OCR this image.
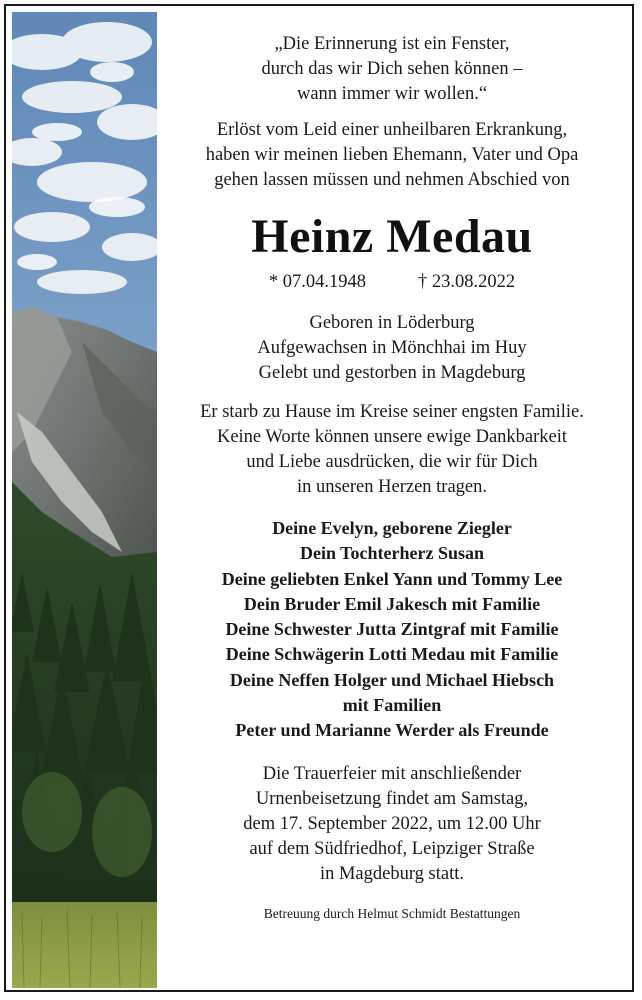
„Die Erinnerung ist ein Fenster,
durch das wir Dich sehen können –
wann immer wir wollen.“
Erlöst vom Leid einer unheilbaren Erkrankung,
haben wir meinen lieben Ehemann, Vater und Opa
gehen lassen müssen und nehmen Abschied von
Heinz Medau
* 07.04.1948	† 23.08.2022
Geboren in Löderburg
Aufgewachsen in Mönchhai im Huy
Gelebt und gestorben in Magdeburg
Er starb zu Hause im Kreise seiner engsten Familie.
Keine Worte können unsere ewige Dankbarkeit
und Liebe ausdrücken, die wir für Dich
in unseren Herzen tragen.
Deine Evelyn, geborene Ziegler
Dein Tochterherz Susan
Deine geliebten Enkel Yann und Tommy Lee
Dein Bruder Emil Jakesch mit Familie
Deine Schwester Jutta Zintgraf mit Familie
Deine Schwägerin Lotti Medau mit Familie
Deine Neffen Holger und Michael Hiebsch
mit Familien
Peter und Marianne Werder als Freunde
Die Trauerfeier mit anschließender
Urnenbeisetzung findet am Samstag,
dem 17. September 2022, um 12.00 Uhr
auf dem Südfriedhof, Leipziger Straße
in Magdeburg statt.
Betreuung durch Helmut Schmidt Bestattungen
